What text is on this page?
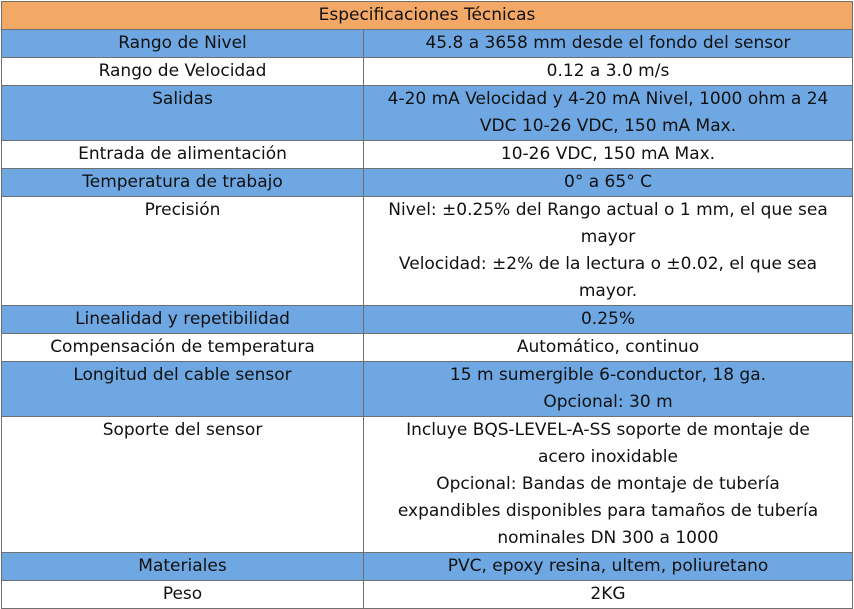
Especificaciones Técnicas	
Rango de Nivel	45.8 a 3658 mm desde el fondo del sensor

Rango de Velocidad	0.12 a 3.0 m/s

Salidas	4-20 mA Velocidad y 4-20 mA Nivel, 1000 ohm a 24
VDC 10-26 VDC, 150 mA Max.

Entrada de alimentación	10-26 VDC, 150 mA Max.

Temperatura de trabajo	0° a 65° C

Precisión	Nivel: ±0.25% del Rango actual o 1 mm, el que sea
mayor
Velocidad: ±2% de la lectura o ±0.02, el que sea
mayor.

Linealidad y repetibilidad	0.25%

Compensación de temperatura	Automático, continuo

Longitud del cable sensor	15 m sumergible 6-conductor, 18 ga.
Opcional: 30 m

Soporte del sensor	Incluye BQS-LEVEL-A-SS soporte de montaje de
acero inoxidable
Opcional: Bandas de montaje de tubería
expandibles disponibles para tamaños de tubería
nominales DN 300 a 1000

Materiales	PVC, epoxy resina, ultem, poliuretano

Peso	2KG
